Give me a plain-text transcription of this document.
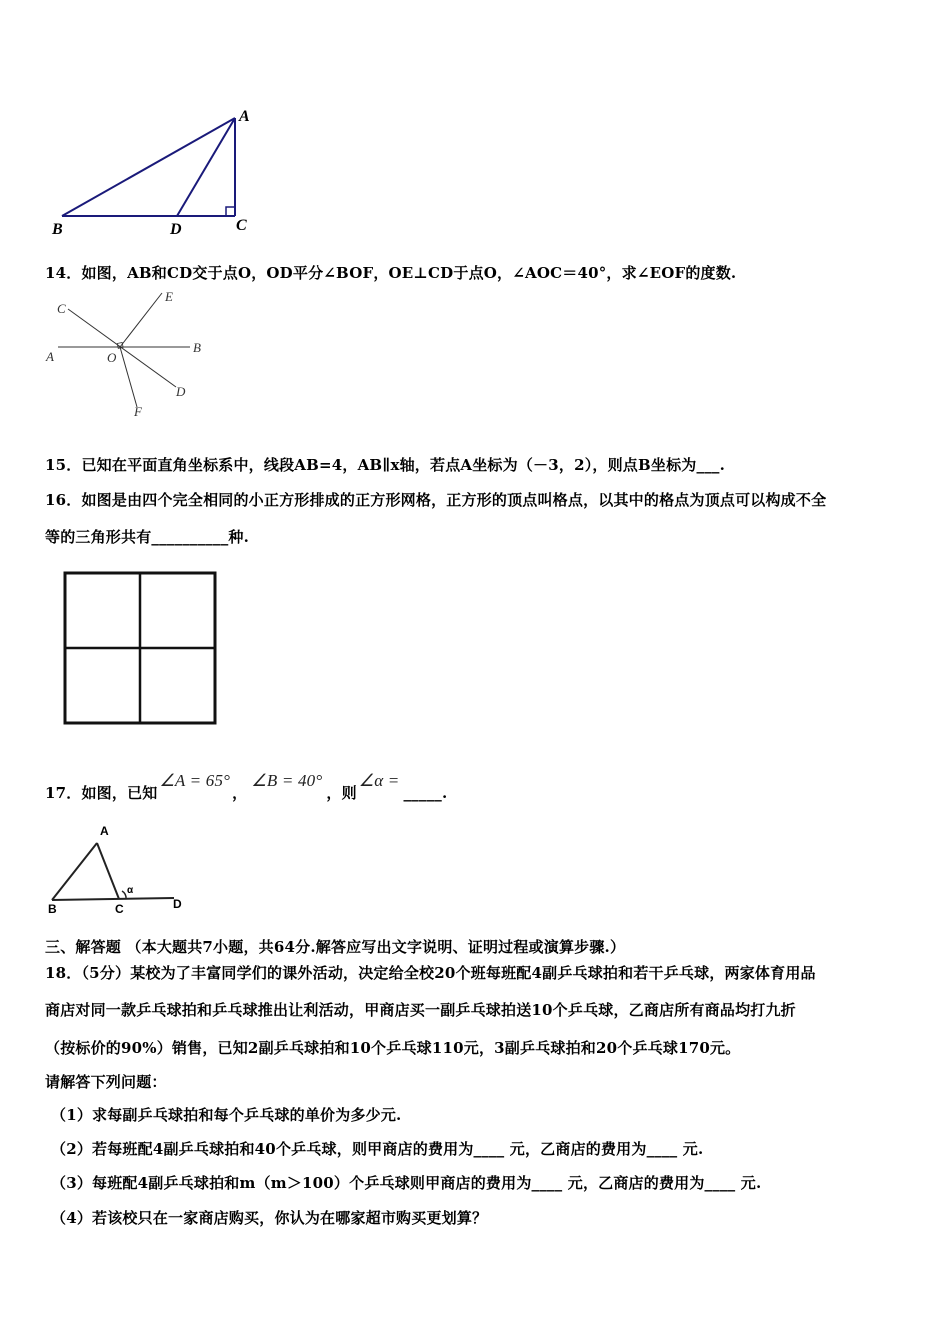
A
B	D	C
14．如图，AB和CD交于点O，OD平分∠BOF，OE⊥CD于点O，∠AOC＝40°，求∠EOF的度数.
C
E
A	O
B
D
F
15．已知在平面直角坐标系中，线段AB=4，AB∥x轴，若点A坐标为（－3，2），则点B坐标为___.
16．如图是由四个完全相同的小正方形排成的正方形网格，正方形的顶点叫格点，以其中的格点为顶点可以构成不全
等的三角形共有__________种.
17．如图，已知∠A = 65°，∠B = 40°，则∠α =_____.
A
B	C	D
α
三、解答题 （本大题共7小题，共64分.解答应写出文字说明、证明过程或演算步骤.）
18．（5分）某校为了丰富同学们的课外活动，决定给全校20个班每班配4副乒乓球拍和若干乒乓球，两家体育用品
商店对同一款乒乓球拍和乒乓球推出让利活动，甲商店买一副乒乓球拍送10个乒乓球，乙商店所有商品均打九折
（按标价的90%）销售，已知2副乒乓球拍和10个乒乓球110元，3副乒乓球拍和20个乒乓球170元。
请解答下列问题：
（1）求每副乒乓球拍和每个乒乓球的单价为多少元.
（2）若每班配4副乒乓球拍和40个乒乓球，则甲商店的费用为____ 元，乙商店的费用为____ 元.
（3）每班配4副乒乓球拍和m（m＞100）个乒乓球则甲商店的费用为____ 元，乙商店的费用为____ 元.
（4）若该校只在一家商店购买，你认为在哪家超市购买更划算？
